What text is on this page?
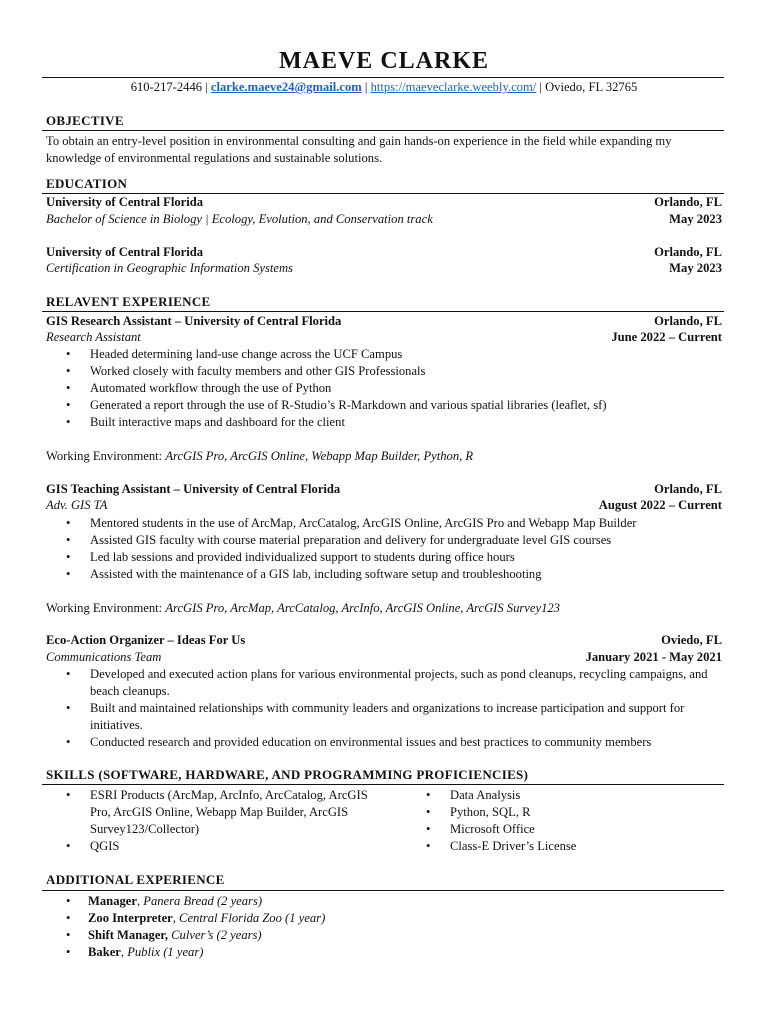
MAEVE CLARKE
610-217-2446 | clarke.maeve24@gmail.com | https://maeveclarke.weebly.com/ | Oviedo, FL 32765
OBJECTIVE
To obtain an entry-level position in environmental consulting and gain hands-on experience in the field while expanding my knowledge of environmental regulations and sustainable solutions.
EDUCATION
University of Central Florida	Orlando, FL
Bachelor of Science in Biology | Ecology, Evolution, and Conservation track	May 2023
University of Central Florida	Orlando, FL
Certification in Geographic Information Systems	May 2023
RELAVENT EXPERIENCE
GIS Research Assistant – University of Central Florida	Orlando, FL
Research Assistant	June 2022 – Current
• Headed determining land-use change across the UCF Campus
• Worked closely with faculty members and other GIS Professionals
• Automated workflow through the use of Python
• Generated a report through the use of R-Studio’s R-Markdown and various spatial libraries (leaflet, sf)
• Built interactive maps and dashboard for the client
Working Environment: ArcGIS Pro, ArcGIS Online, Webapp Map Builder, Python, R
GIS Teaching Assistant – University of Central Florida	Orlando, FL
Adv. GIS TA	August 2022 – Current
• Mentored students in the use of ArcMap, ArcCatalog, ArcGIS Online, ArcGIS Pro and Webapp Map Builder
• Assisted GIS faculty with course material preparation and delivery for undergraduate level GIS courses
• Led lab sessions and provided individualized support to students during office hours
• Assisted with the maintenance of a GIS lab, including software setup and troubleshooting
Working Environment: ArcGIS Pro, ArcMap, ArcCatalog, ArcInfo, ArcGIS Online, ArcGIS Survey123
Eco-Action Organizer – Ideas For Us	Oviedo, FL
Communications Team	January 2021 - May 2021
• Developed and executed action plans for various environmental projects, such as pond cleanups, recycling campaigns, and beach cleanups.
• Built and maintained relationships with community leaders and organizations to increase participation and support for initiatives.
• Conducted research and provided education on environmental issues and best practices to community members
SKILLS (SOFTWARE, HARDWARE, AND PROGRAMMING PROFICIENCIES)
• ESRI Products (ArcMap, ArcInfo, ArcCatalog, ArcGIS Pro, ArcGIS Online, Webapp Map Builder, ArcGIS Survey123/Collector)
• QGIS
• Data Analysis
• Python, SQL, R
• Microsoft Office
• Class-E Driver’s License
ADDITIONAL EXPERIENCE
• Manager, Panera Bread (2 years)
• Zoo Interpreter, Central Florida Zoo (1 year)
• Shift Manager, Culver’s (2 years)
• Baker, Publix (1 year)
